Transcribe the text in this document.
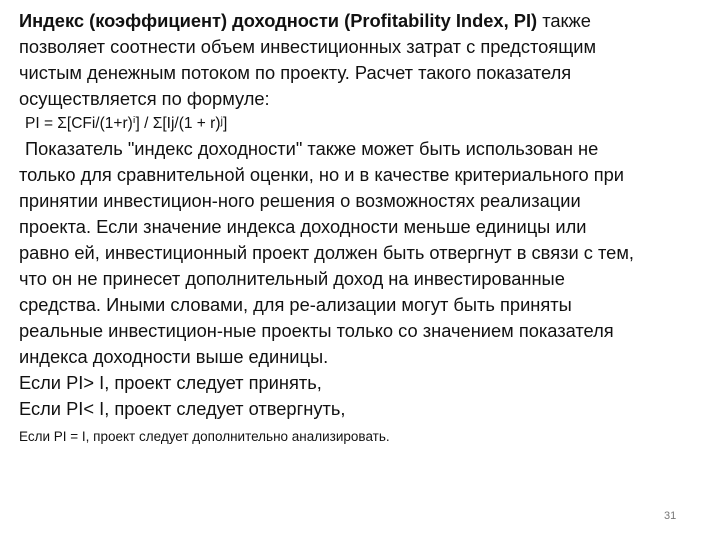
Индекс (коэффициент) доходности (Profitability Index, PI) также

позволяет соотнести объем инвестиционных затрат с предстоящим

чистым денежным потоком по проекту. Расчет такого показателя

осуществляется по формуле:

PI = Σ[CFi/(1+r)ⁱ] / Σ[Ij/(1 + r)ʲ]

Показатель "индекс доходности" также может быть использован не

только для сравнительной оценки, но и в качестве критериального при

принятии инвестицион-ного решения о возможностях реализации

проекта. Если значение индекса доходности меньше единицы или

равно ей, инвестиционный проект должен быть отвергнут в связи с тем,

что он не принесет дополнительный доход на инвестированные

средства. Иными словами, для ре-ализации могут быть приняты

реальные инвестицион-ные проекты только со значением показателя

индекса доходности выше единицы.

Если PI> I, проект следует принять,

Если PI< I, проект следует отвергнуть,

Если PI = I, проект следует дополнительно анализировать.

31
